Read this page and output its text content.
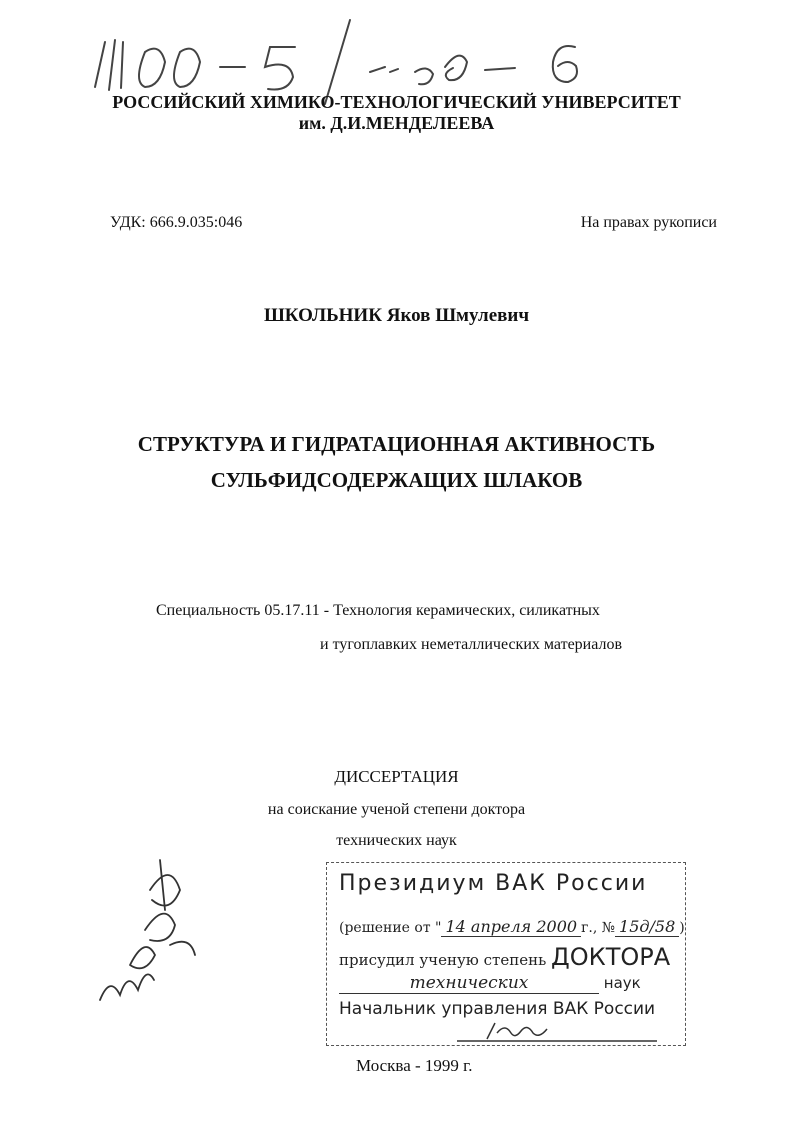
РОССИЙСКИЙ ХИМИКО-ТЕХНОЛОГИЧЕСКИЙ УНИВЕРСИТЕТ
им. Д.И.МЕНДЕЛЕЕВА
УДК: 666.9.035:046	На правах рукописи
ШКОЛЬНИК Яков Шмулевич
СТРУКТУРА И ГИДРАТАЦИОННАЯ АКТИВНОСТЬ
СУЛЬФИДСОДЕРЖАЩИХ ШЛАКОВ
Специальность 05.17.11 - Технология керамических, силикатных
и тугоплавких неметаллических материалов
ДИССЕРТАЦИЯ
на соискание ученой степени доктора
технических наук
Президиум ВАК России
(решение от " 14 апреля 2000 г., № 15д/58 )
присудил ученую степень ДОКТОРА
технических	наук
Начальник управления ВАК России
Москва - 1999 г.
